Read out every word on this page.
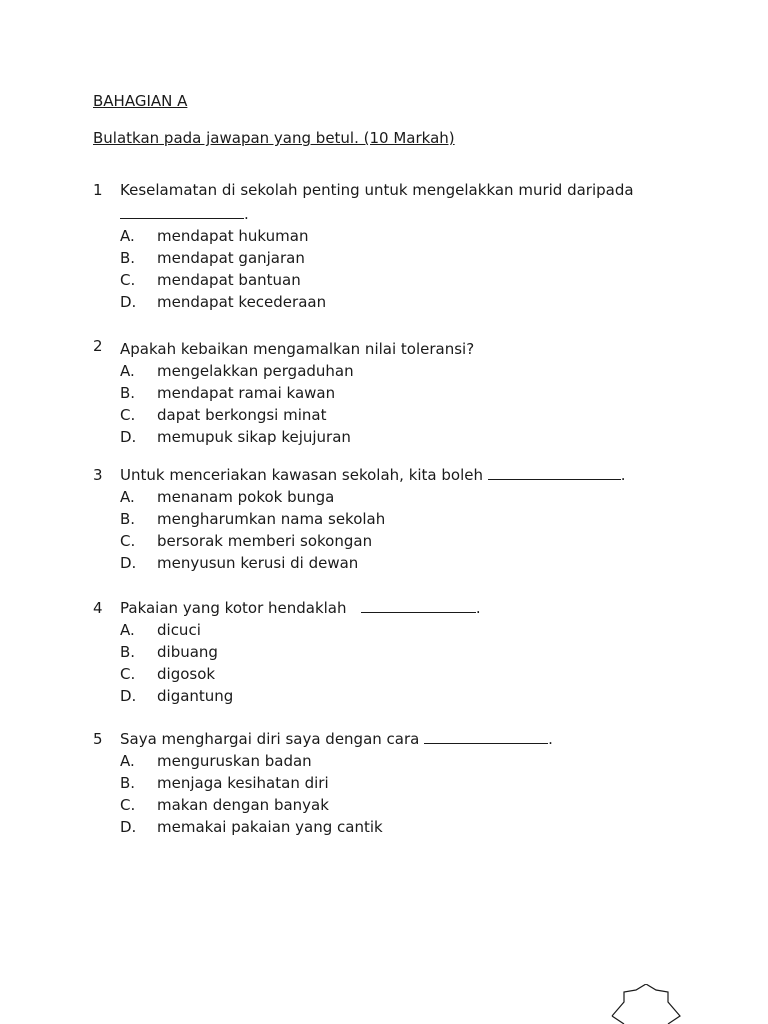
BAHAGIAN A
Bulatkan pada jawapan yang betul. (10 Markah)
1	Keselamatan di sekolah penting untuk mengelakkan murid daripada
.
A.	mendapat hukuman
B.	mendapat ganjaran
C.	mendapat bantuan
D.	mendapat kecederaan
2	Apakah kebaikan mengamalkan nilai toleransi?
A.	mengelakkan pergaduhan
B.	mendapat ramai kawan
C.	dapat berkongsi minat
D.	memupuk sikap kejujuran
3	Untuk menceriakan kawasan sekolah, kita boleh	.
A.	menanam pokok bunga
B.	mengharumkan nama sekolah
C.	bersorak memberi sokongan
D.	menyusun kerusi di dewan
4	Pakaian yang kotor hendaklah	.
A.	dicuci
B.	dibuang
C.	digosok
D.	digantung
5	Saya menghargai diri saya dengan cara	.
A.	menguruskan badan
B.	menjaga kesihatan diri
C.	makan dengan banyak
D.	memakai pakaian yang cantik
